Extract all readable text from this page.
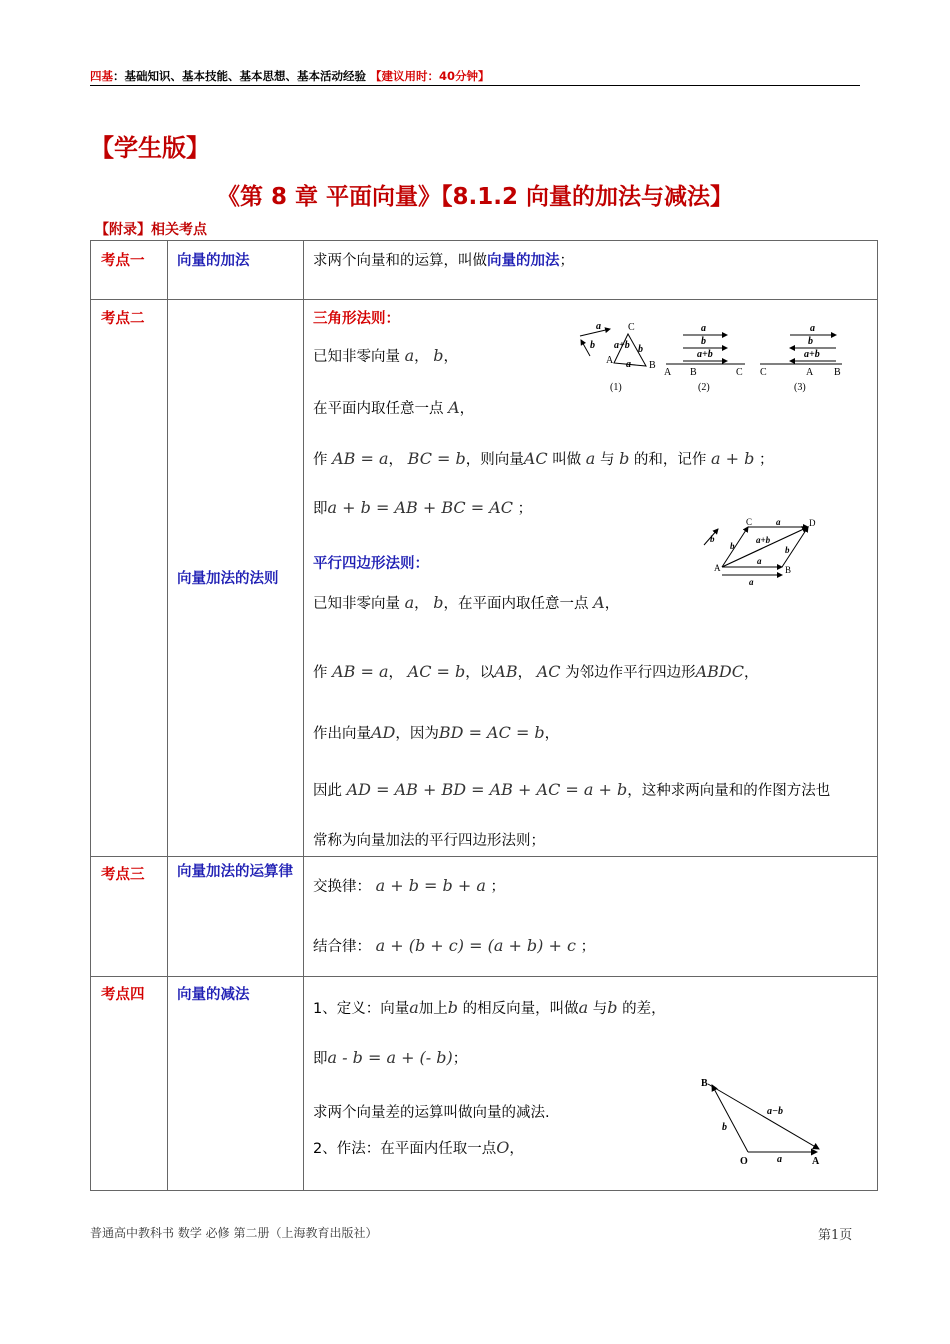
四基：基础知识、基本技能、基本思想、基本活动经验 【建议用时：40分钟】
【学生版】
《第 8 章 平面向量》【8.1.2 向量的加法与减法】
【附录】相关考点
考点一 向量的加法	求两个向量和的运算，叫做向量的加法；
考点二
向量加法的法则
三角形法则：
已知非零向量 a， b，
在平面内取任意一点 A，
作 AB = a， BC = b，则向量AC 叫做 a 与 b 的和，记作 a + b ；
即a + b = AB + BC = AC ；
平行四边形法则：
已知非零向量 a， b，在平面内取任意一点 A，
作 AB = a， AC = b，以AB， AC 为邻边作平行四边形ABDC，
作出向量AD，因为BD = AC = b，
因此 AD = AB + BD = AB + AC = a + b，这种求两向量和的作图方法也
常称为向量加法的平行四边形法则；
考点三 向量加法的运算律
交换律： a + b = b + a ；
结合律： a + (b + c) = (a + b) + c ；
考点四 向量的减法
1、定义：向量a加上b 的相反向量，叫做a 与b 的差，
即a - b = a + (- b)；
求两个向量差的运算叫做向量的减法.
2、作法：在平面内任取一点O，
a
b
A	B
C
a+b
a
b
(1)
a
b
a+b
A B	C
(2)
a
b
a+b
C	A B
(3)
b
A	B
C	D
a
b
a+b
a
b
a
O	A
B
a
b
a−b
普通高中教科书 数学 必修 第二册（上海教育出版社）	第1页
